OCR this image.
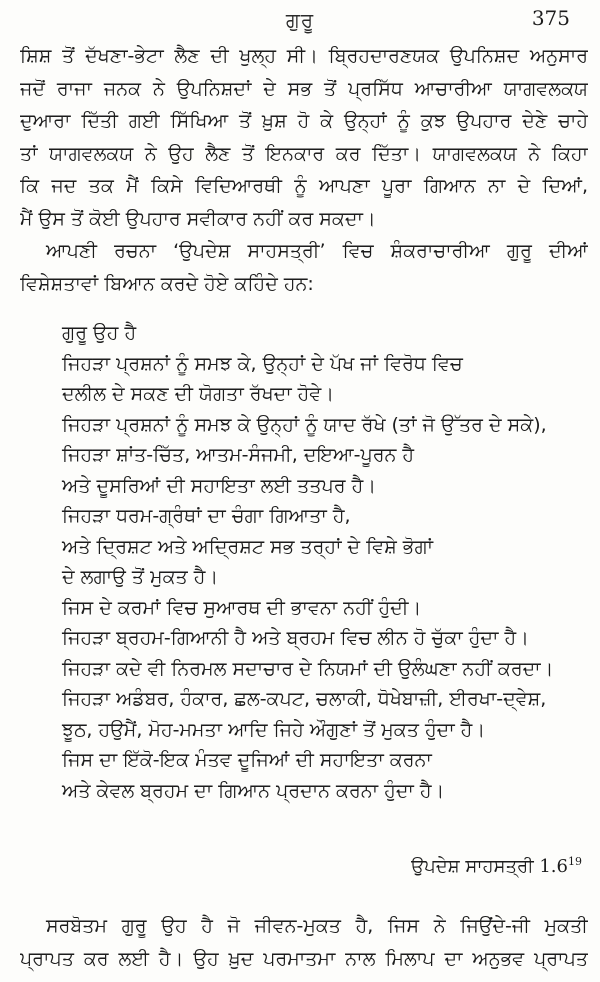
ਗੁਰੂ	375
ਸ਼ਿਸ਼ ਤੋਂ ਦੱਖਣਾ-ਭੇਟਾ ਲੈਣ ਦੀ ਖੁਲ੍ਹ ਸੀ। ਬ੍ਰਿਹਦਾਰਣਯਕ ਉਪਨਿਸ਼ਦ ਅਨੁਸਾਰ
ਜਦੋਂ ਰਾਜਾ ਜਨਕ ਨੇ ਉਪਨਿਸ਼ਦਾਂ ਦੇ ਸਭ ਤੋਂ ਪ੍ਰਸਿੱਧ ਆਚਾਰੀਆ ਯਾਗਵਲਕਯ
ਦੁਆਰਾ ਦਿੱਤੀ ਗਈ ਸਿੱਖਿਆ ਤੋਂ ਖ਼ੁਸ਼ ਹੋ ਕੇ ਉਨ੍ਹਾਂ ਨੂੰ ਕੁਝ ਉਪਹਾਰ ਦੇਣੇ ਚਾਹੇ
ਤਾਂ ਯਾਗਵਲਕਯ ਨੇ ਉਹ ਲੈਣ ਤੋਂ ਇਨਕਾਰ ਕਰ ਦਿੱਤਾ। ਯਾਗਵਲਕਯ ਨੇ ਕਿਹਾ
ਕਿ ਜਦ ਤਕ ਮੈਂ ਕਿਸੇ ਵਿਦਿਆਰਥੀ ਨੂੰ ਆਪਣਾ ਪੂਰਾ ਗਿਆਨ ਨਾ ਦੇ ਦਿਆਂ,
ਮੈਂ ਉਸ ਤੋਂ ਕੋਈ ਉਪਹਾਰ ਸਵੀਕਾਰ ਨਹੀਂ ਕਰ ਸਕਦਾ।
ਆਪਣੀ ਰਚਨਾ ‘ਉਪਦੇਸ਼ ਸਾਹਸਤ੍ਰੀ’ ਵਿਚ ਸ਼ੰਕਰਾਚਾਰੀਆ ਗੁਰੂ ਦੀਆਂ
ਵਿਸ਼ੇਸ਼ਤਾਵਾਂ ਬਿਆਨ ਕਰਦੇ ਹੋਏ ਕਹਿੰਦੇ ਹਨ:
ਗੁਰੂ ਉਹ ਹੈ
ਜਿਹੜਾ ਪ੍ਰਸ਼ਨਾਂ ਨੂੰ ਸਮਝ ਕੇ, ਉਨ੍ਹਾਂ ਦੇ ਪੱਖ ਜਾਂ ਵਿਰੋਧ ਵਿਚ
ਦਲੀਲ ਦੇ ਸਕਣ ਦੀ ਯੋਗਤਾ ਰੱਖਦਾ ਹੋਵੇ।
ਜਿਹੜਾ ਪ੍ਰਸ਼ਨਾਂ ਨੂੰ ਸਮਝ ਕੇ ਉਨ੍ਹਾਂ ਨੂੰ ਯਾਦ ਰੱਖੇ (ਤਾਂ ਜੋ ਉੱਤਰ ਦੇ ਸਕੇ),
ਜਿਹੜਾ ਸ਼ਾਂਤ-ਚਿੱਤ, ਆਤਮ-ਸੰਜਮੀ, ਦਇਆ-ਪੂਰਨ ਹੈ
ਅਤੇ ਦੂਸਰਿਆਂ ਦੀ ਸਹਾਇਤਾ ਲਈ ਤਤਪਰ ਹੈ।
ਜਿਹੜਾ ਧਰਮ-ਗ੍ਰੰਥਾਂ ਦਾ ਚੰਗਾ ਗਿਆਤਾ ਹੈ,
ਅਤੇ ਦ੍ਰਿਸ਼ਟ ਅਤੇ ਅਦ੍ਰਿਸ਼ਟ ਸਭ ਤਰ੍ਹਾਂ ਦੇ ਵਿਸ਼ੇ ਭੋਗਾਂ
ਦੇ ਲਗਾਉ ਤੋਂ ਮੁਕਤ ਹੈ।
ਜਿਸ ਦੇ ਕਰਮਾਂ ਵਿਚ ਸੁਆਰਥ ਦੀ ਭਾਵਨਾ ਨਹੀਂ ਹੁੰਦੀ।
ਜਿਹੜਾ ਬ੍ਰਹਮ-ਗਿਆਨੀ ਹੈ ਅਤੇ ਬ੍ਰਹਮ ਵਿਚ ਲੀਨ ਹੋ ਚੁੱਕਾ ਹੁੰਦਾ ਹੈ।
ਜਿਹੜਾ ਕਦੇ ਵੀ ਨਿਰਮਲ ਸਦਾਚਾਰ ਦੇ ਨਿਯਮਾਂ ਦੀ ਉਲੰਘਣਾ ਨਹੀਂ ਕਰਦਾ।
ਜਿਹੜਾ ਅਡੰਬਰ, ਹੰਕਾਰ, ਛਲ-ਕਪਟ, ਚਲਾਕੀ, ਧੋਖੇਬਾਜ਼ੀ, ਈਰਖਾ-ਦ੍ਵੇਸ਼,
ਝੂਠ, ਹਉਮੈਂ, ਮੋਹ-ਮਮਤਾ ਆਦਿ ਜਿਹੇ ਔਗੁਣਾਂ ਤੋਂ ਮੁਕਤ ਹੁੰਦਾ ਹੈ।
ਜਿਸ ਦਾ ਇੱਕੋ-ਇਕ ਮੰਤਵ ਦੂਜਿਆਂ ਦੀ ਸਹਾਇਤਾ ਕਰਨਾ
ਅਤੇ ਕੇਵਲ ਬ੍ਰਹਮ ਦਾ ਗਿਆਨ ਪ੍ਰਦਾਨ ਕਰਨਾ ਹੁੰਦਾ ਹੈ।
ਉਪਦੇਸ਼ ਸਾਹਸਤ੍ਰੀ $1.6^{19}$
ਸਰਬੋਤਮ ਗੁਰੂ ਉਹ ਹੈ ਜੋ ਜੀਵਨ-ਮੁਕਤ ਹੈ, ਜਿਸ ਨੇ ਜਿਉਂਦੇ-ਜੀ ਮੁਕਤੀ
ਪ੍ਰਾਪਤ ਕਰ ਲਈ ਹੈ। ਉਹ ਖ਼ੁਦ ਪਰਮਾਤਮਾ ਨਾਲ ਮਿਲਾਪ ਦਾ ਅਨੁਭਵ ਪ੍ਰਾਪਤ
